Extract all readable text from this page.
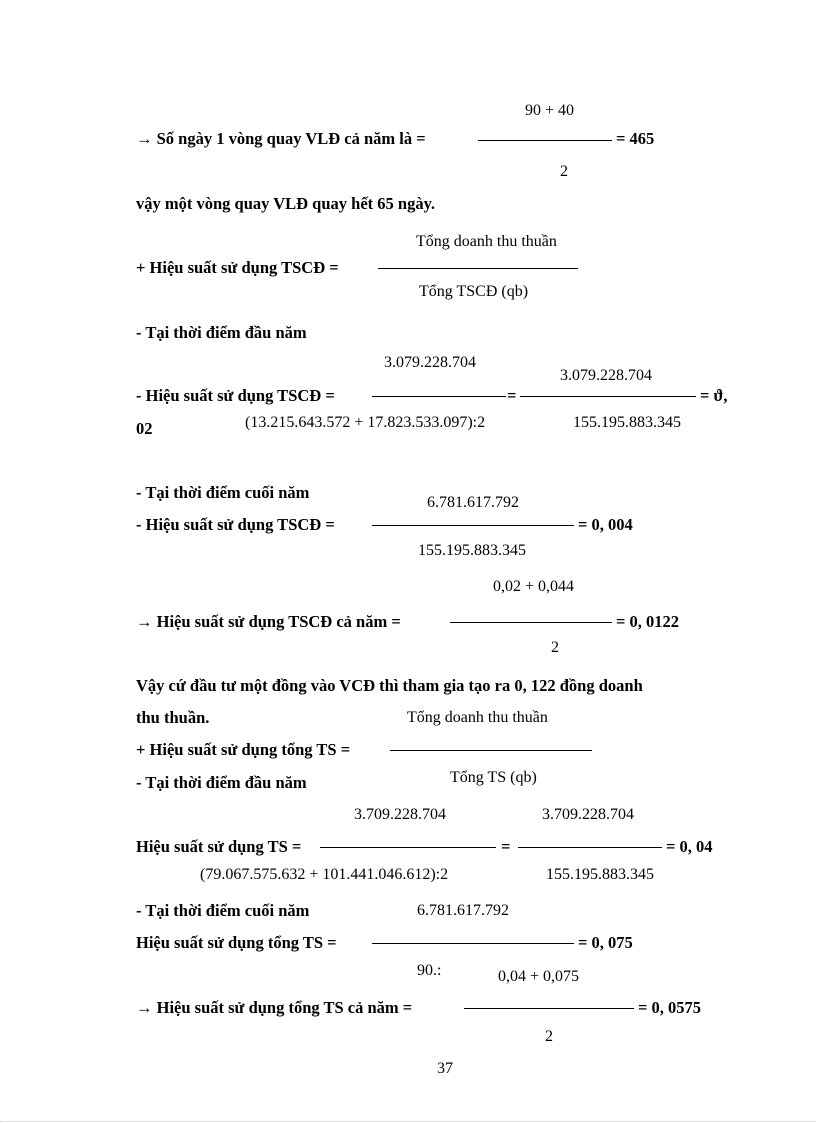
90 + 40
→ Số ngày 1 vòng quay VLĐ cả năm là =	= 465
2
vậy một vòng quay VLĐ quay hết 65 ngày.
Tổng doanh thu thuần
+ Hiệu suất sử dụng TSCĐ =
Tổng TSCĐ (qb)
- Tại thời điểm đầu năm
3.079.228.704
3.079.228.704
- Hiệu suất sử dụng TSCĐ =	=	= ϑ,
02	(13.215.643.572 + 17.823.533.097):2	155.195.883.345
- Tại thời điểm cuối năm
6.781.617.792
- Hiệu suất sử dụng TSCĐ =	= 0, 004
155.195.883.345
0,02 + 0,044
→ Hiệu suất sử dụng TSCĐ cả năm =	= 0, 0122
2
Vậy cứ đầu tư một đồng vào VCĐ thì tham gia tạo ra 0, 122 đồng doanh
thu thuần.	Tổng doanh thu thuần
+ Hiệu suất sử dụng tổng TS =
- Tại thời điểm đầu năm	Tổng TS (qb)
3.709.228.704	3.709.228.704
Hiệu suất sử dụng TS =	=	= 0, 04
(79.067.575.632 + 101.441.046.612):2	155.195.883.345
- Tại thời điểm cuối năm	6.781.617.792
Hiệu suất sử dụng tổng TS =	= 0, 075
90.:	0,04 + 0,075
→ Hiệu suất sử dụng tổng TS cả năm =	= 0, 0575
2
37
